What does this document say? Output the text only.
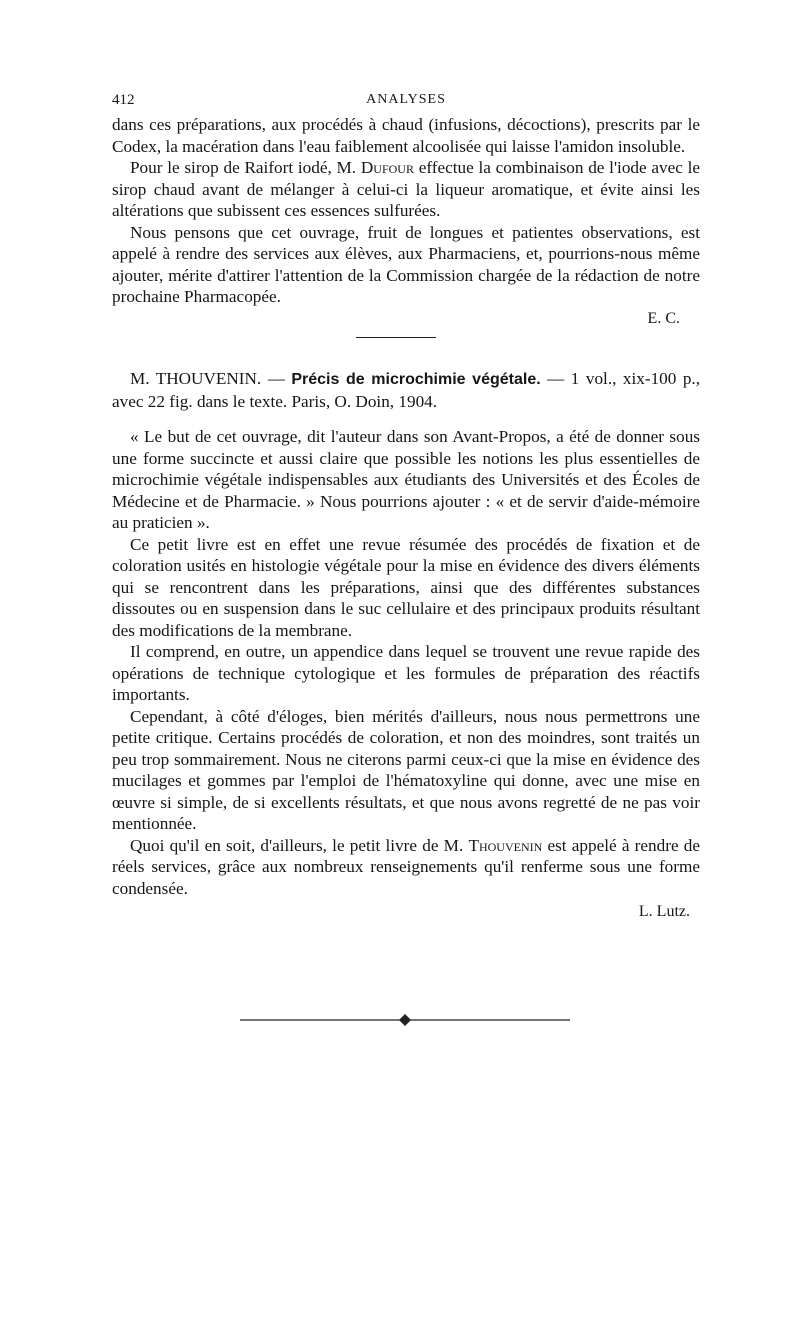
412	ANALYSES

dans ces préparations, aux procédés à chaud (infusions, décoctions), prescrits par le Codex, la macération dans l'eau faiblement alcoolisée qui laisse l'amidon insoluble.

Pour le sirop de Raifort iodé, M. Dufour effectue la combinaison de l'iode avec le sirop chaud avant de mélanger à celui-ci la liqueur aromatique, et évite ainsi les altérations que subissent ces essences sulfurées.

Nous pensons que cet ouvrage, fruit de longues et patientes observations, est appelé à rendre des services aux élèves, aux Pharmaciens, et, pourrions-nous même ajouter, mérite d'attirer l'attention de la Commission chargée de la rédaction de notre prochaine Pharmacopée.

E. C.

M. THOUVENIN. — Précis de microchimie végétale. — 1 vol., xix-100 p., avec 22 fig. dans le texte. Paris, O. Doin, 1904.

« Le but de cet ouvrage, dit l'auteur dans son Avant-Propos, a été de donner sous une forme succincte et aussi claire que possible les notions les plus essentielles de microchimie végétale indispensables aux étudiants des Universités et des Écoles de Médecine et de Pharmacie. » Nous pourrions ajouter : « et de servir d'aide-mémoire au praticien ».

Ce petit livre est en effet une revue résumée des procédés de fixation et de coloration usités en histologie végétale pour la mise en évidence des divers éléments qui se rencontrent dans les préparations, ainsi que des différentes substances dissoutes ou en suspension dans le suc cellulaire et des principaux produits résultant des modifications de la membrane.

Il comprend, en outre, un appendice dans lequel se trouvent une revue rapide des opérations de technique cytologique et les formules de préparation des réactifs importants.

Cependant, à côté d'éloges, bien mérités d'ailleurs, nous nous permettrons une petite critique. Certains procédés de coloration, et non des moindres, sont traités un peu trop sommairement. Nous ne citerons parmi ceux-ci que la mise en évidence des mucilages et gommes par l'emploi de l'hématoxyline qui donne, avec une mise en œuvre si simple, de si excellents résultats, et que nous avons regretté de ne pas voir mentionnée.

Quoi qu'il en soit, d'ailleurs, le petit livre de M. Thouvenin est appelé à rendre de réels services, grâce aux nombreux renseignements qu'il renferme sous une forme condensée.

L. Lutz.
